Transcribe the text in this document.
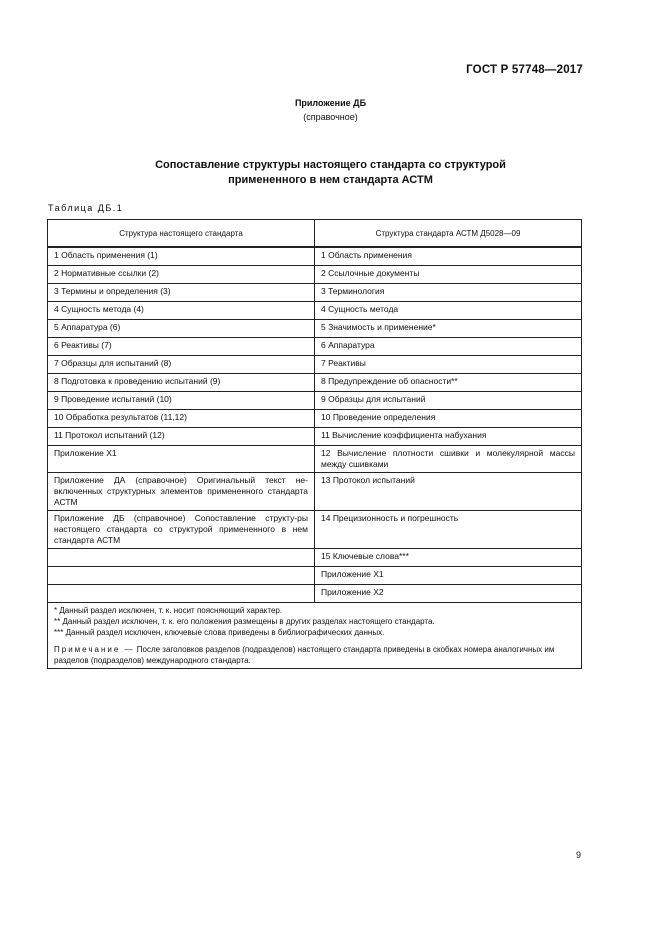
ГОСТ Р 57748—2017
Приложение ДБ
(справочное)
Сопоставление структуры настоящего стандарта со структурой
примененного в нем стандарта АСТМ
Таблица ДБ.1
Структура настоящего стандарта	Структура стандарта АСТМ Д5028—09
1 Область применения (1)	1 Область применения
2 Нормативные ссылки (2)	2 Ссылочные документы
3 Термины и определения (3)	3 Терминология
4 Сущность метода (4)	4 Сущность метода
5 Аппаратура (6)	5 Значимость и применение*
6 Реактивы (7)	6 Аппаратура
7 Образцы для испытаний (8)	7 Реактивы
8 Подготовка к проведению испытаний (9)	8 Предупреждение об опасности**
9 Проведение испытаний (10)	9 Образцы для испытаний
10 Обработка результатов (11,12)	10 Проведение определения
11 Протокол испытаний (12)	11 Вычисление коэффициента набухания
Приложение Х1	12 Вычисление плотности сшивки и молекулярной массы между сшивками
Приложение ДА (справочное) Оригинальный текст не-включенных структурных элементов примененного стандарта АСТМ	13 Протокол испытаний
Приложение ДБ (справочное) Сопоставление структу-ры настоящего стандарта со структурой примененного в нем стандарта АСТМ	14 Прецизионность и погрешность
	15 Ключевые слова***
	Приложение Х1
	Приложение Х2

* Данный раздел исключен, т. к. носит поясняющий характер.
** Данный раздел исключен, т. к. его положения размещены в других разделах настоящего стандарта.
*** Данный раздел исключен, ключевые слова приведены в библиографических данных.
Примечание — После заголовков разделов (подразделов) настоящего стандарта приведены в скобках номера аналогичных им разделов (подразделов) международного стандарта.	
9
